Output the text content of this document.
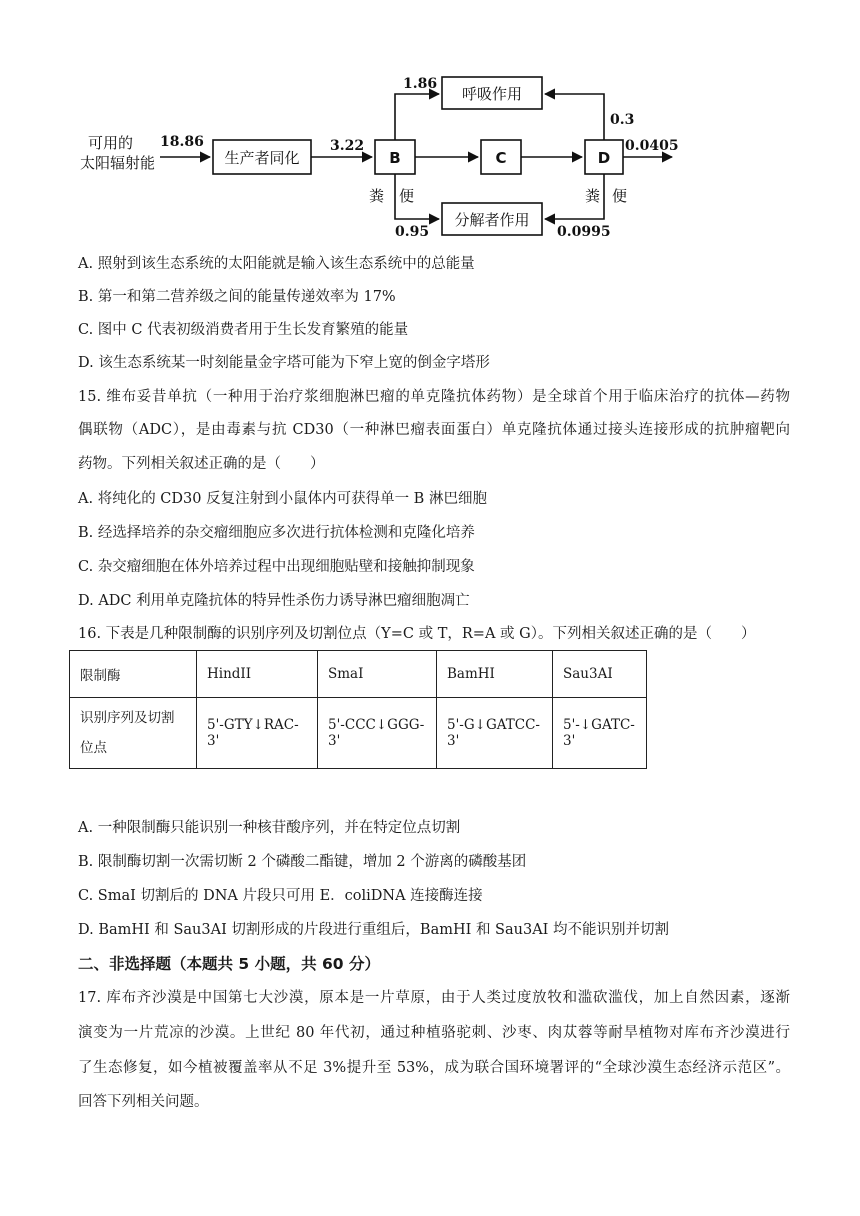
可用的
太阳辐射能
18.86
生产者同化
3.22
B	C	D
0.0405
呼吸作用
1.86
0.3
分解者作用
粪 便
0.95
粪 便
0.0995
A. 照射到该生态系统的太阳能就是输入该生态系统中的总能量
B. 第一和第二营养级之间的能量传递效率为 17%
C. 图中 C 代表初级消费者用于生长发育繁殖的能量
D. 该生态系统某一时刻能量金字塔可能为下窄上宽的倒金字塔形
15. 维布妥昔单抗（一种用于治疗浆细胞淋巴瘤的单克隆抗体药物）是全球首个用于临床治疗的抗体—药物
偶联物（ADC），是由毒素与抗 CD30（一种淋巴瘤表面蛋白）单克隆抗体通过接头连接形成的抗肿瘤靶向
药物。下列相关叙述正确的是（　　）
A. 将纯化的 CD30 反复注射到小鼠体内可获得单一 B 淋巴细胞
B. 经选择培养的杂交瘤细胞应多次进行抗体检测和克隆化培养
C. 杂交瘤细胞在体外培养过程中出现细胞贴壁和接触抑制现象
D. ADC 利用单克隆抗体的特异性杀伤力诱导淋巴瘤细胞凋亡
16. 下表是几种限制酶的识别序列及切割位点（Y=C 或 T，R=A 或 G）。下列相关叙述正确的是（　　）
限制酶	HindII	SmaI	BamHI	Sau3AI

识别序列及切割
位点	5'-GTY↓RAC-3'	5'-CCC↓GGG-3'	5'-G↓GATCC-3'	5'-↓GATC-3'
A. 一种限制酶只能识别一种核苷酸序列，并在特定位点切割
B. 限制酶切割一次需切断 2 个磷酸二酯键，增加 2 个游离的磷酸基团
C. SmaI 切割后的 DNA 片段只可用 E．coliDNA 连接酶连接
D. BamHI 和 Sau3AI 切割形成的片段进行重组后，BamHI 和 Sau3AI 均不能识别并切割
二、非选择题（本题共 5 小题，共 60 分）
17. 库布齐沙漠是中国第七大沙漠，原本是一片草原，由于人类过度放牧和滥砍滥伐，加上自然因素，逐渐
演变为一片荒凉的沙漠。上世纪 80 年代初，通过种植骆驼刺、沙枣、肉苁蓉等耐旱植物对库布齐沙漠进行
了生态修复，如今植被覆盖率从不足 3%提升至 53%，成为联合国环境署评的“全球沙漠生态经济示范区”。
回答下列相关问题。
